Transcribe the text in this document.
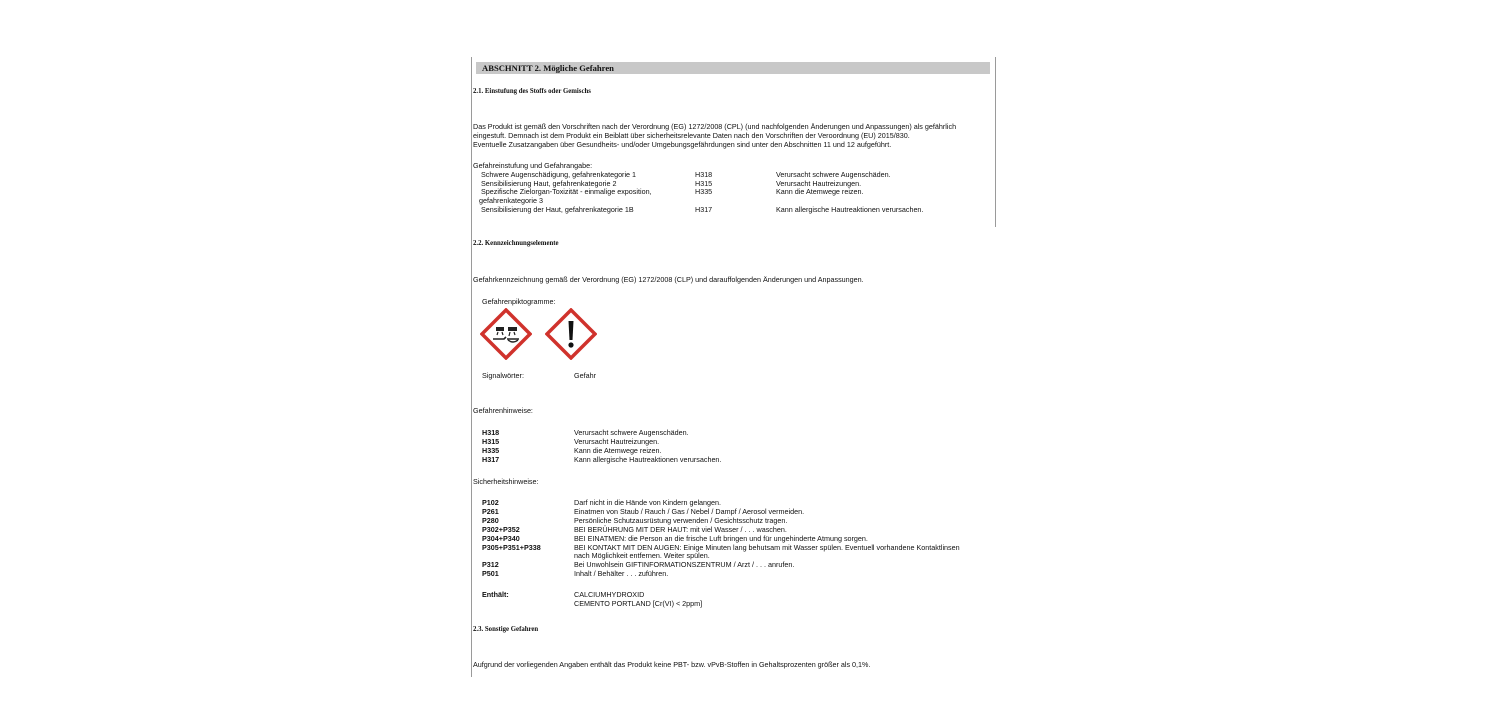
ABSCHNITT 2. Mögliche Gefahren
2.1. Einstufung des Stoffs oder Gemischs
Das Produkt ist gemäß den Vorschriften nach der Verordnung (EG) 1272/2008 (CPL) (und nachfolgenden Änderungen und Anpassungen) als gefährlich
eingestuft. Demnach ist dem Produkt ein Beiblatt über sicherheitsrelevante Daten nach den Vorschriften der Veroordnung (EU) 2015/830.
Eventuelle Zusatzangaben über Gesundheits- und/oder Umgebungsgefährdungen sind unter den Abschnitten 11 und 12 aufgeführt.
Gefahreinstufung und Gefahrangabe:
Schwere Augenschädigung, gefahrenkategorie 1	H318	Verursacht schwere Augenschäden.
Sensibilisierung Haut, gefahrenkategorie 2	H315	Verursacht Hautreizungen.
Spezifische Zielorgan-Toxizität - einmalige exposition,
gefahrenkategorie 3
H335	Kann die Atemwege reizen.
Sensibilisierung der Haut, gefahrenkategorie 1B	H317	Kann allergische Hautreaktionen verursachen.
2.2. Kennzeichnungselemente
Gefahrkennzeichnung gemäß der Verordnung (EG) 1272/2008 (CLP) und darauffolgenden Änderungen und Anpassungen.
Gefahrenpiktogramme:
Signalwörter:	Gefahr
Gefahrenhinweise:
H318	Verursacht schwere Augenschäden.
H315	Verursacht Hautreizungen.
H335	Kann die Atemwege reizen.
H317	Kann allergische Hautreaktionen verursachen.
Sicherheitshinweise:
P102	Darf nicht in die Hände von Kindern gelangen.
P261	Einatmen von Staub / Rauch / Gas / Nebel / Dampf / Aerosol vermeiden.
P280	Persönliche Schutzausrüstung verwenden / Gesichtsschutz tragen.
P302+P352	BEI BERÜHRUNG MIT DER HAUT: mit viel Wasser / . . . waschen.
P304+P340	BEI EINATMEN: die Person an die frische Luft bringen und für ungehinderte Atmung sorgen.
P305+P351+P338	BEI KONTAKT MIT DEN AUGEN: Einige Minuten lang behutsam mit Wasser spülen. Eventuell vorhandene Kontaktlinsen
nach Möglichkeit entfernen. Weiter spülen.
P312	Bei Unwohlsein GIFTINFORMATIONSZENTRUM / Arzt / . . . anrufen.
P501	Inhalt / Behälter . . . zuführen.
Enthält:	CALCIUMHYDROXID
CEMENTO PORTLAND [Cr(VI) < 2ppm]
2.3. Sonstige Gefahren
Aufgrund der vorliegenden Angaben enthält das Produkt keine PBT- bzw. vPvB-Stoffen in Gehaltsprozenten größer als 0,1%.
